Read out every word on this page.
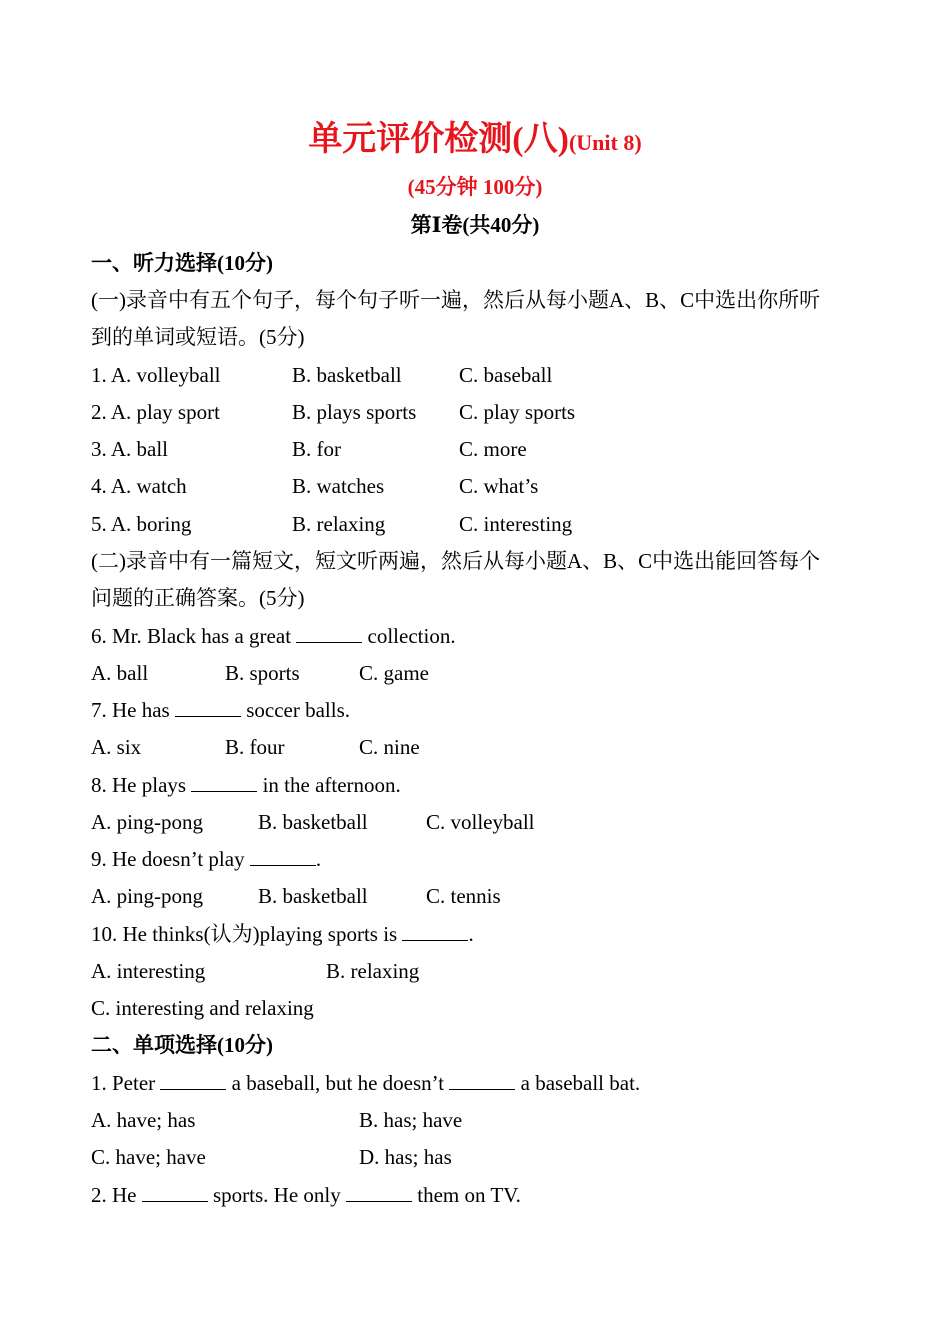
单元评价检测(八)(Unit 8)
(45分钟 100分)
第Ⅰ卷(共40分)
一、听力选择(10分)
(一)录音中有五个句子，每个句子听一遍，然后从每小题A、B、C中选出你所听
到的单词或短语。(5分)
1. A. volleyball	B. basketball	C. baseball
2. A. play sport	B. plays sports C. play sports
3. A. ball	B. for	C. more
4. A. watch	B. watches	C. what’s
5. A. boring	B. relaxing	C. interesting
(二)录音中有一篇短文，短文听两遍，然后从每小题A、B、C中选出能回答每个
问题的正确答案。(5分)
6. Mr. Black has a great	collection.
A. ball	B. sports	C. game
7. He has	soccer balls.
A. six	B. four	C. nine
8. He plays	in the afternoon.
A. ping-pong	B. basketball	C. volleyball
9. He doesn’t play	.
A. ping-pong	B. basketball	C. tennis
10. He thinks(认为)playing sports is	.
A. interesting	B. relaxing
C. interesting and relaxing
二、单项选择(10分)
1. Peter	a baseball, but he doesn’t	a baseball bat.
A. have; has	B. has; have
C. have; have	D. has; has
2. He	sports. He only	them on TV.
